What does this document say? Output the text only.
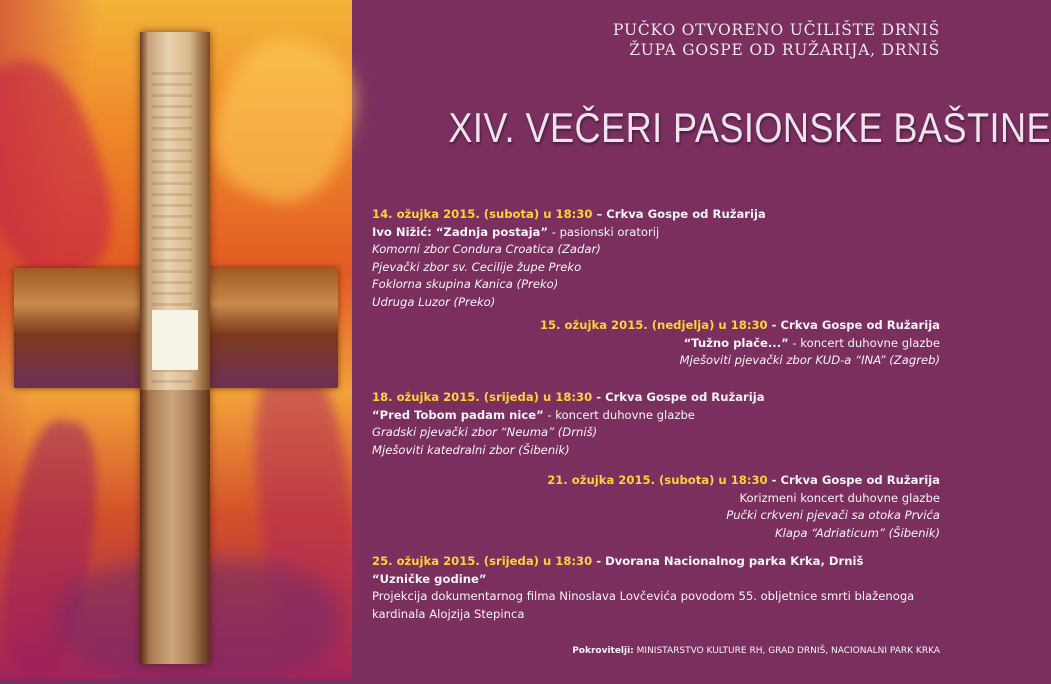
PUČKO OTVORENO UČILIŠTE DRNIŠ
ŽUPA GOSPE OD RUŽARIJA, DRNIŠ
XIV. VEČERI PASIONSKE BAŠTINE
14. ožujka 2015. (subota) u 18:30 – Crkva Gospe od Ružarija
Ivo Nižić: “Zadnja postaja” - pasionski oratorij
Komorni zbor Condura Croatica (Zadar)
Pjevački zbor sv. Cecilije župe Preko
Foklorna skupina Kanica (Preko)
Udruga Luzor (Preko)
15. ožujka 2015. (nedjelja) u 18:30 - Crkva Gospe od Ružarija
“Tužno plače...” - koncert duhovne glazbe
Mješoviti pjevački zbor KUD-a “INA” (Zagreb)
18. ožujka 2015. (srijeda) u 18:30 - Crkva Gospe od Ružarija
“Pred Tobom padam nice” - koncert duhovne glazbe
Gradski pjevački zbor “Neuma” (Drniš)
Mješoviti katedralni zbor (Šibenik)
21. ožujka 2015. (subota) u 18:30 - Crkva Gospe od Ružarija
Korizmeni koncert duhovne glazbe
Pučki crkveni pjevači sa otoka Prvića
Klapa “Adriaticum” (Šibenik)
25. ožujka 2015. (srijeda) u 18:30 - Dvorana Nacionalnog parka Krka, Drniš
“Uzničke godine”
Projekcija dokumentarnog filma Ninoslava Lovčevića povodom 55. obljetnice smrti blaženoga
kardinala Alojzija Stepinca
Pokrovitelji: MINISTARSTVO KULTURE RH, GRAD DRNIŠ, NACIONALNI PARK KRKA
